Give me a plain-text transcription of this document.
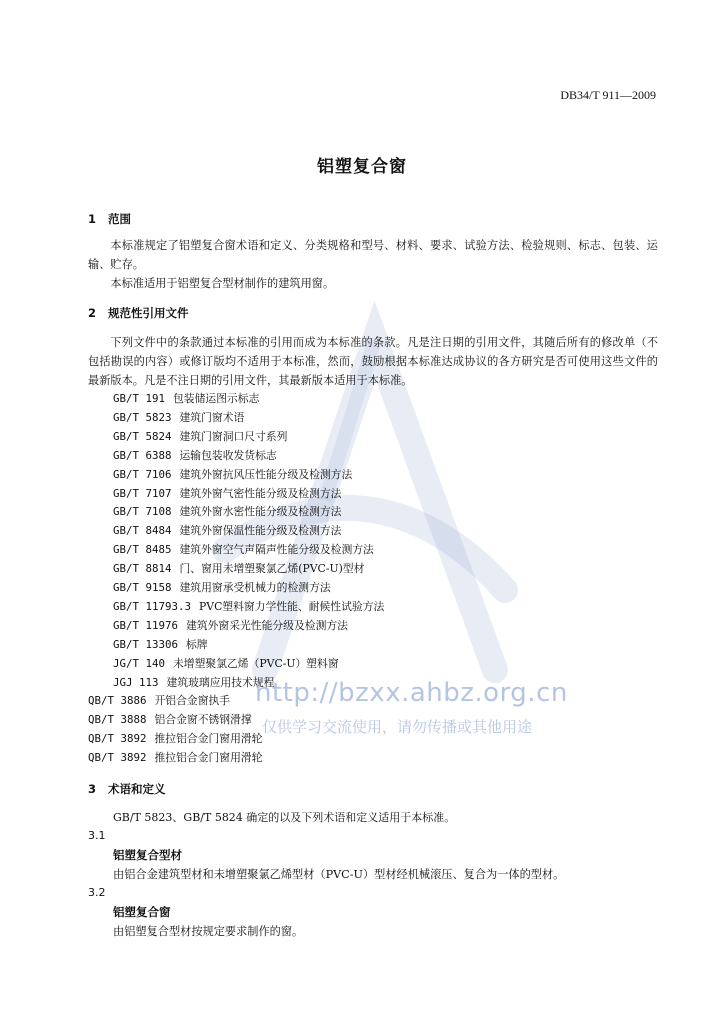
DB34/T 911—2009
铝塑复合窗
1 范围
本标准规定了铝塑复合窗术语和定义、分类规格和型号、材料、要求、试验方法、检验规则、标志、包装、运输、贮存。
本标准适用于铝塑复合型材制作的建筑用窗。
2 规范性引用文件
下列文件中的条款通过本标准的引用而成为本标准的条款。凡是注日期的引用文件，其随后所有的修改单（不包括勘误的内容）或修订版均不适用于本标准，然而，鼓励根据本标准达成协议的各方研究是否可使用这些文件的最新版本。凡是不注日期的引用文件，其最新版本适用于本标准。
GB/T 191 包装储运图示标志
GB/T 5823 建筑门窗术语
GB/T 5824 建筑门窗洞口尺寸系列
GB/T 6388 运输包装收发货标志
GB/T 7106 建筑外窗抗风压性能分级及检测方法
GB/T 7107 建筑外窗气密性能分级及检测方法
GB/T 7108 建筑外窗水密性能分级及检测方法
GB/T 8484 建筑外窗保温性能分级及检测方法
GB/T 8485 建筑外窗空气声隔声性能分级及检测方法
GB/T 8814 门、窗用未增塑聚氯乙烯(PVC-U)型材
GB/T 9158 建筑用窗承受机械力的检测方法
GB/T 11793.3 PVC塑料窗力学性能、耐候性试验方法
GB/T 11976 建筑外窗采光性能分级及检测方法
GB/T 13306 标牌
JG/T 140 未增塑聚氯乙烯（PVC-U）塑料窗
JGJ 113 建筑玻璃应用技术规程
QB/T 3886 开铝合金窗执手
QB/T 3888 铝合金窗不锈钢滑撑
QB/T 3892 推拉铝合金门窗用滑轮
QB/T 3892 推拉铝合金门窗用滑轮
3 术语和定义
GB/T 5823、GB/T 5824 确定的以及下列术语和定义适用于本标准。
3.1
铝塑复合型材
由铝合金建筑型材和未增塑聚氯乙烯型材（PVC-U）型材经机械滚压、复合为一体的型材。
3.2
铝塑复合窗
由铝塑复合型材按规定要求制作的窗。
http://bzxx.ahbz.org.cn
仅供学习交流使用，请勿传播或其他用途
